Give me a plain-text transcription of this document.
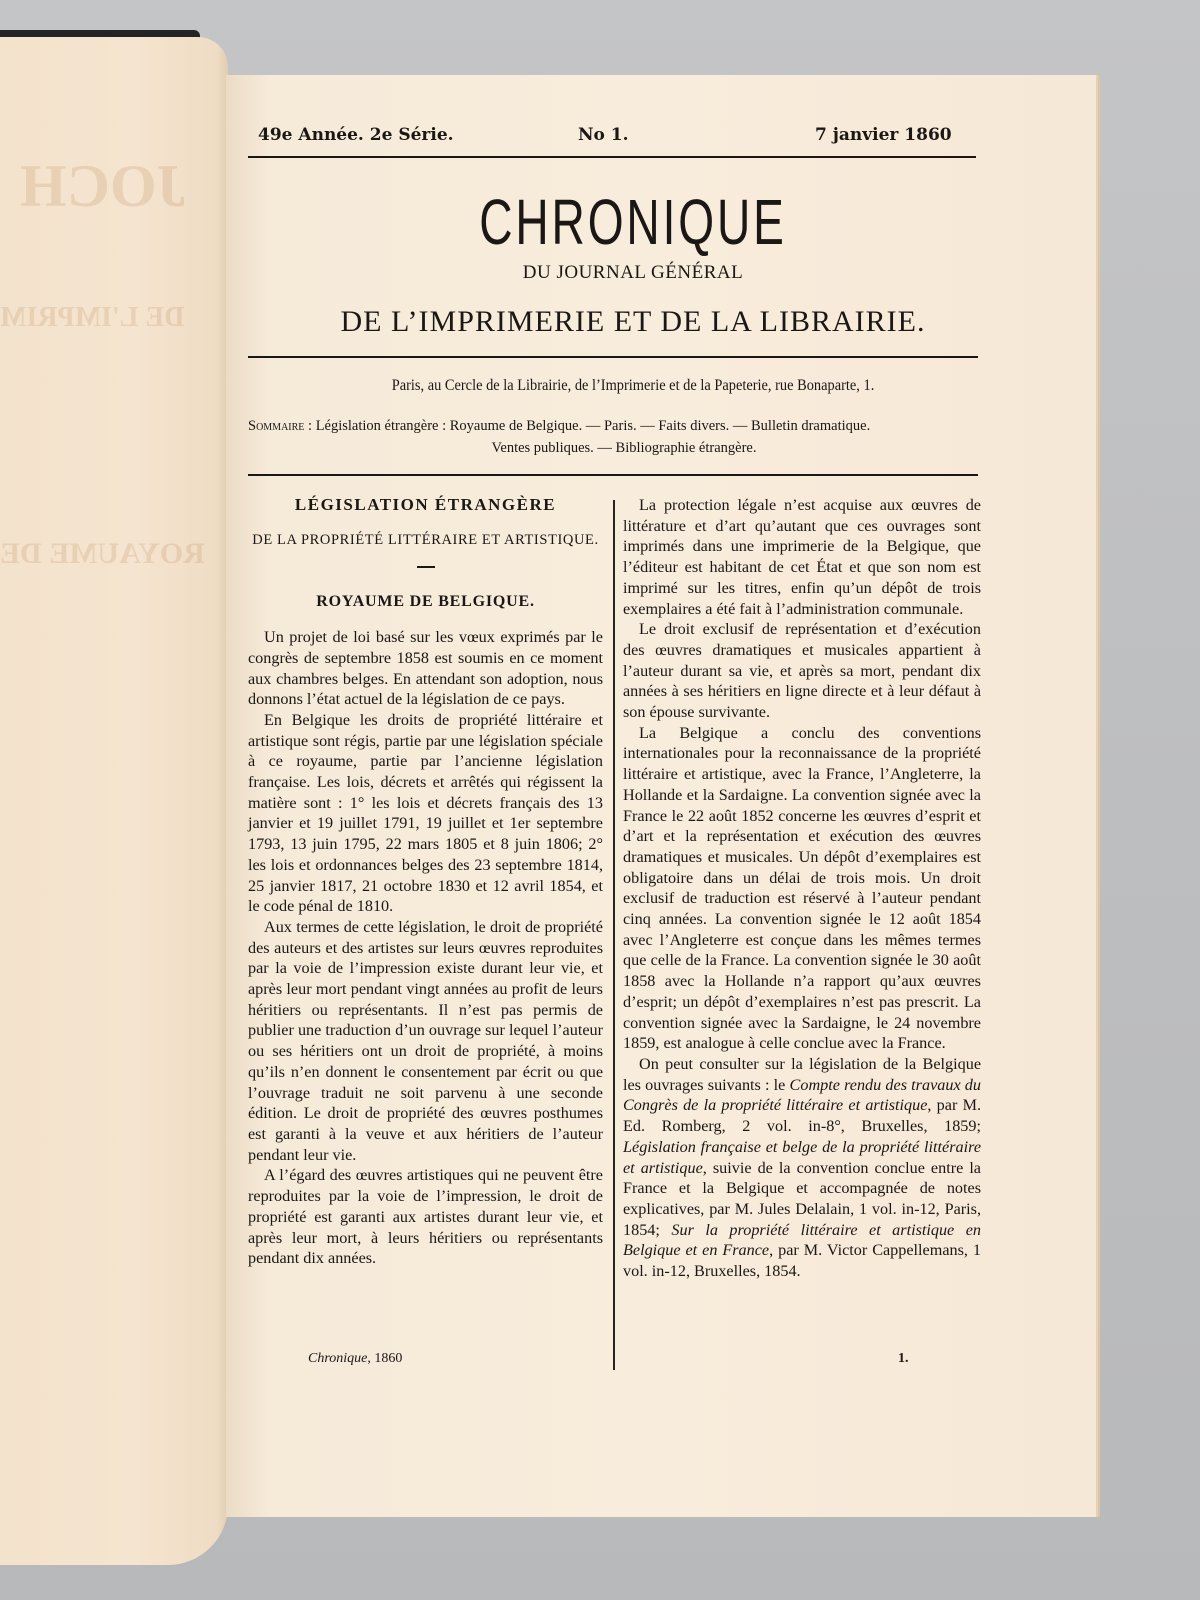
JOCH
DE L'IMPRIM
ROYAUME DE
49e Année. 2e Série.	No 1.	7 janvier 1860
CHRONIQUE
DU JOURNAL GÉNÉRAL
DE L’IMPRIMERIE ET DE LA LIBRAIRIE.
Paris, au Cercle de la Librairie, de l’Imprimerie et de la Papeterie, rue Bonaparte, 1.
Sommaire : Législation étrangère : Royaume de Belgique. — Paris. — Faits divers. — Bulletin dramatique.
Ventes publiques. — Bibliographie étrangère.
LÉGISLATION ÉTRANGÈRE
DE LA PROPRIÉTÉ LITTÉRAIRE ET ARTISTIQUE.
ROYAUME DE BELGIQUE.

Un projet de loi basé sur les vœux exprimés par le congrès de septembre 1858 est soumis en ce moment aux chambres belges. En attendant son adoption, nous donnons l’état actuel de la législation de ce pays.

En Belgique les droits de propriété littéraire et artistique sont régis, partie par une législation spéciale à ce royaume, partie par l’ancienne législation française. Les lois, décrets et arrêtés qui régissent la matière sont : 1° les lois et décrets français des 13 janvier et 19 juillet 1791, 19 juillet et 1er septembre 1793, 13 juin 1795, 22 mars 1805 et 8 juin 1806; 2° les lois et ordonnances belges des 23 septembre 1814, 25 janvier 1817, 21 octobre 1830 et 12 avril 1854, et le code pénal de 1810.

Aux termes de cette législation, le droit de propriété des auteurs et des artistes sur leurs œuvres reproduites par la voie de l’impression existe durant leur vie, et après leur mort pendant vingt années au profit de leurs héritiers ou représentants. Il n’est pas permis de publier une traduction d’un ouvrage sur lequel l’auteur ou ses héritiers ont un droit de propriété, à moins qu’ils n’en donnent le consentement par écrit ou que l’ouvrage traduit ne soit parvenu à une seconde édition. Le droit de propriété des œuvres posthumes est garanti à la veuve et aux héritiers de l’auteur pendant leur vie.

A l’égard des œuvres artistiques qui ne peuvent être reproduites par la voie de l’impression, le droit de propriété est garanti aux artistes durant leur vie, et après leur mort, à leurs héritiers ou représentants pendant dix années.

La protection légale n’est acquise aux œuvres de littérature et d’art qu’autant que ces ouvrages sont imprimés dans une imprimerie de la Belgique, que l’éditeur est habitant de cet État et que son nom est imprimé sur les titres, enfin qu’un dépôt de trois exemplaires a été fait à l’administration communale.

Le droit exclusif de représentation et d’exécution des œuvres dramatiques et musicales appartient à l’auteur durant sa vie, et après sa mort, pendant dix années à ses héritiers en ligne directe et à leur défaut à son épouse survivante.

La Belgique a conclu des conventions internationales pour la reconnaissance de la propriété littéraire et artistique, avec la France, l’Angleterre, la Hollande et la Sardaigne. La convention signée avec la France le 22 août 1852 concerne les œuvres d’esprit et d’art et la représentation et exécution des œuvres dramatiques et musicales. Un dépôt d’exemplaires est obligatoire dans un délai de trois mois. Un droit exclusif de traduction est réservé à l’auteur pendant cinq années. La convention signée le 12 août 1854 avec l’Angleterre est conçue dans les mêmes termes que celle de la France. La convention signée le 30 août 1858 avec la Hollande n’a rapport qu’aux œuvres d’esprit; un dépôt d’exemplaires n’est pas prescrit. La convention signée avec la Sardaigne, le 24 novembre 1859, est analogue à celle conclue avec la France.

On peut consulter sur la législation de la Belgique les ouvrages suivants : le Compte rendu des travaux du Congrès de la propriété littéraire et artistique, par M. Ed. Romberg, 2 vol. in-8°, Bruxelles, 1859; Législation française et belge de la propriété littéraire et artistique, suivie de la convention conclue entre la France et la Belgique et accompagnée de notes explicatives, par M. Jules Delalain, 1 vol. in-12, Paris, 1854; Sur la propriété littéraire et artistique en Belgique et en France, par M. Victor Cappellemans, 1 vol. in-12, Bruxelles, 1854.

Chronique, 1860	1.
